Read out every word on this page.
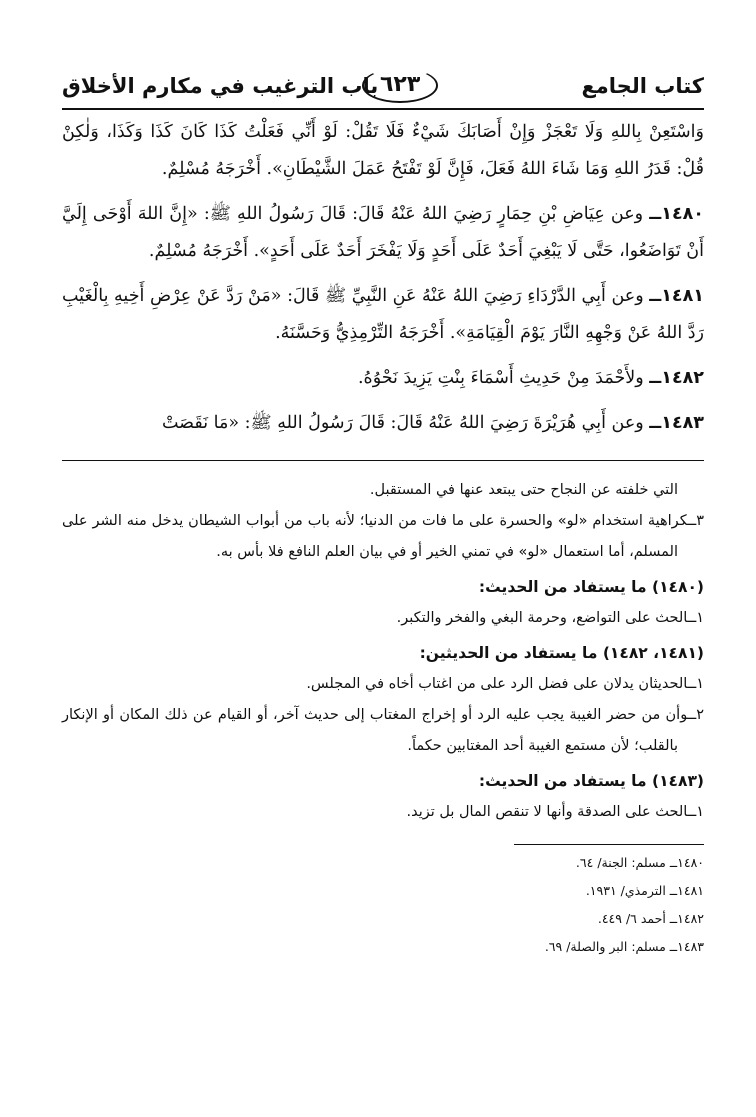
كتاب الجامع
٦٢٣
باب الترغيب في مكارم الأخلاق

وَاسْتَعِنْ بِاللهِ وَلَا تَعْجَزْ وَإِنْ أَصَابَكَ شَيْءٌ فَلَا تَقُلْ: لَوْ أَنِّي فَعَلْتُ كَذَا كَانَ كَذَا وَكَذَا، وَلٰكِنْ قُلْ: قَدَرُ اللهِ وَمَا شَاءَ اللهُ فَعَلَ، فَإِنَّ لَوْ تَفْتَحُ عَمَلَ الشَّيْطَانِ». أَخْرَجَهُ مُسْلِمٌ.

١٤٨٠ــ وعن عِيَاضِ بْنِ حِمَارٍ رَضِيَ اللهُ عَنْهُ قَالَ: قَالَ رَسُولُ اللهِ ﷺ: «إِنَّ اللهَ أَوْحَى إِلَيَّ أَنْ تَوَاضَعُوا، حَتَّى لَا يَبْغِيَ أَحَدٌ عَلَى أَحَدٍ وَلَا يَفْخَرَ أَحَدٌ عَلَى أَحَدٍ». أَخْرَجَهُ مُسْلِمٌ.

١٤٨١ــ وعن أَبِي الدَّرْدَاءِ رَضِيَ اللهُ عَنْهُ عَنِ النَّبِيِّ ﷺ قَالَ: «مَنْ رَدَّ عَنْ عِرْضِ أَخِيهِ بِالْغَيْبِ رَدَّ اللهُ عَنْ وَجْهِهِ النَّارَ يَوْمَ الْقِيَامَةِ». أَخْرَجَهُ التِّرْمِذِيُّ وَحَسَّنَهُ.

١٤٨٢ــ ولأَحْمَدَ مِنْ حَدِيثِ أَسْمَاءَ بِنْتِ يَزِيدَ نَحْوُهُ.

١٤٨٣ــ وعن أَبِي هُرَيْرَةَ رَضِيَ اللهُ عَنْهُ قَالَ: قَالَ رَسُولُ اللهِ ﷺ: «مَا نَقَصَتْ

التي خلفته عن النجاح حتى يبتعد عنها في المستقبل.

٣ــكراهية استخدام «لو» والحسرة على ما فات من الدنيا؛ لأنه باب من أبواب الشيطان يدخل منه الشر على المسلم، أما استعمال «لو» في تمني الخير أو في بيان العلم النافع فلا بأس به.

(١٤٨٠) ما يستفاد من الحديث:

١ــالحث على التواضع، وحرمة البغي والفخر والتكبر.

(١٤٨١، ١٤٨٢) ما يستفاد من الحديثين:

١ــالحديثان يدلان على فضل الرد على من اغتاب أخاه في المجلس.

٢ــوأن من حضر الغيبة يجب عليه الرد أو إخراج المغتاب إلى حديث آخر، أو القيام عن ذلك المكان أو الإنكار بالقلب؛ لأن مستمع الغيبة أحد المغتابين حكماً.

(١٤٨٣) ما يستفاد من الحديث:

١ــالحث على الصدقة وأنها لا تنقص المال بل تزيد.

١٤٨٠ــ مسلم: الجنة/ ٦٤.

١٤٨١ــ الترمذي/ ١٩٣١.

١٤٨٢ــ أحمد ٦/ ٤٤٩.

١٤٨٣ــ مسلم: البر والصلة/ ٦٩.
